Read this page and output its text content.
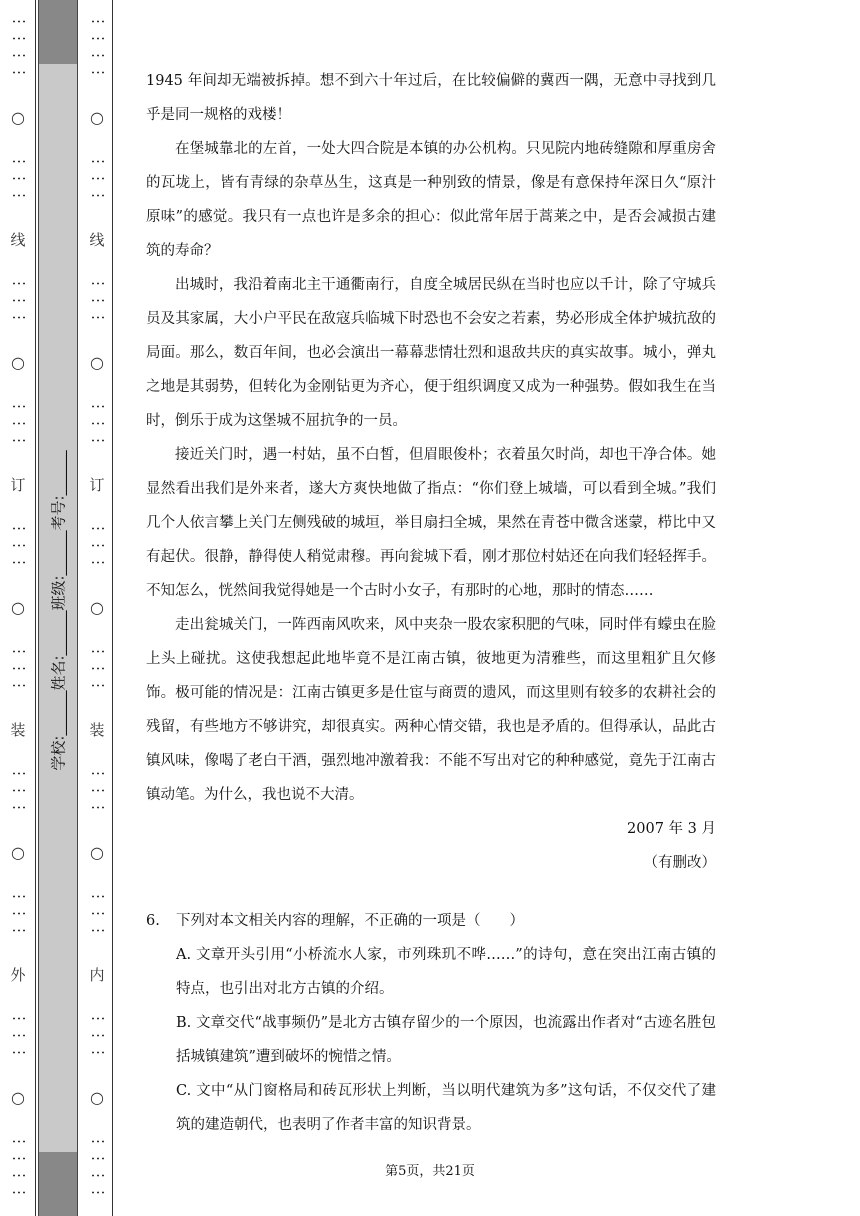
⋮⋮⋮⋮
○
⋮⋮⋮
线
⋮⋮⋮
○
⋮⋮⋮
订
⋮⋮⋮
○
⋮⋮⋮
装
⋮⋮⋮
○
⋮⋮⋮
外
⋮⋮⋮
○
⋮⋮⋮⋮
学校:______姓名:______班级:______考号:______
⋮⋮⋮⋮
○
⋮⋮⋮
线
⋮⋮⋮
○
⋮⋮⋮
订
⋮⋮⋮
○
⋮⋮⋮
装
⋮⋮⋮
○
⋮⋮⋮
内
⋮⋮⋮
○
⋮⋮⋮⋮

1945 年间却无端被拆掉。想不到六十年过后，在比较偏僻的冀西一隅，无意中寻找到几乎是同一规格的戏楼！

在堡城靠北的左首，一处大四合院是本镇的办公机构。只见院内地砖缝隙和厚重房舍的瓦垅上，皆有青绿的杂草丛生，这真是一种别致的情景，像是有意保持年深日久“原汁原味”的感觉。我只有一点也许是多余的担心：似此常年居于蒿莱之中，是否会减损古建筑的寿命？

出城时，我沿着南北主干通衢南行，自度全城居民纵在当时也应以千计，除了守城兵员及其家属，大小户平民在敌寇兵临城下时恐也不会安之若素，势必形成全体护城抗敌的局面。那么，数百年间，也必会演出一幕幕悲情壮烈和退敌共庆的真实故事。城小，弹丸之地是其弱势，但转化为金刚钻更为齐心，便于组织调度又成为一种强势。假如我生在当时，倒乐于成为这堡城不屈抗争的一员。

接近关门时，遇一村姑，虽不白皙，但眉眼俊朴；衣着虽欠时尚，却也干净合体。她显然看出我们是外来者，遂大方爽快地做了指点：“你们登上城墙，可以看到全城。”我们几个人依言攀上关门左侧残破的城垣，举目扇扫全城，果然在青苍中微含迷蒙，栉比中又有起伏。很静，静得使人稍觉肃穆。再向瓮城下看，刚才那位村姑还在向我们轻轻挥手。不知怎么，恍然间我觉得她是一个古时小女子，有那时的心地，那时的情态……

走出瓮城关门，一阵西南风吹来，风中夹杂一股农家积肥的气味，同时伴有蠓虫在脸上头上碰扰。这使我想起此地毕竟不是江南古镇，彼地更为清雅些，而这里粗犷且欠修饰。极可能的情况是：江南古镇更多是仕宦与商贾的遗风，而这里则有较多的农耕社会的残留，有些地方不够讲究，却很真实。两种心情交错，我也是矛盾的。但得承认，品此古镇风味，像喝了老白干酒，强烈地冲激着我：不能不写出对它的种种感觉，竟先于江南古镇动笔。为什么，我也说不大清。

2007 年 3 月

（有删改）

6.	下列对本文相关内容的理解，不正确的一项是（　　）

A. 文章开头引用“小桥流水人家，市列珠玑不哗……”的诗句，意在突出江南古镇的特点，也引出对北方古镇的介绍。

B. 文章交代“战事频仍”是北方古镇存留少的一个原因，也流露出作者对“古迹名胜包括城镇建筑”遭到破坏的惋惜之情。

C. 文中“从门窗格局和砖瓦形状上判断，当以明代建筑为多”这句话，不仅交代了建筑的建造朝代，也表明了作者丰富的知识背景。

第5页，共21页
